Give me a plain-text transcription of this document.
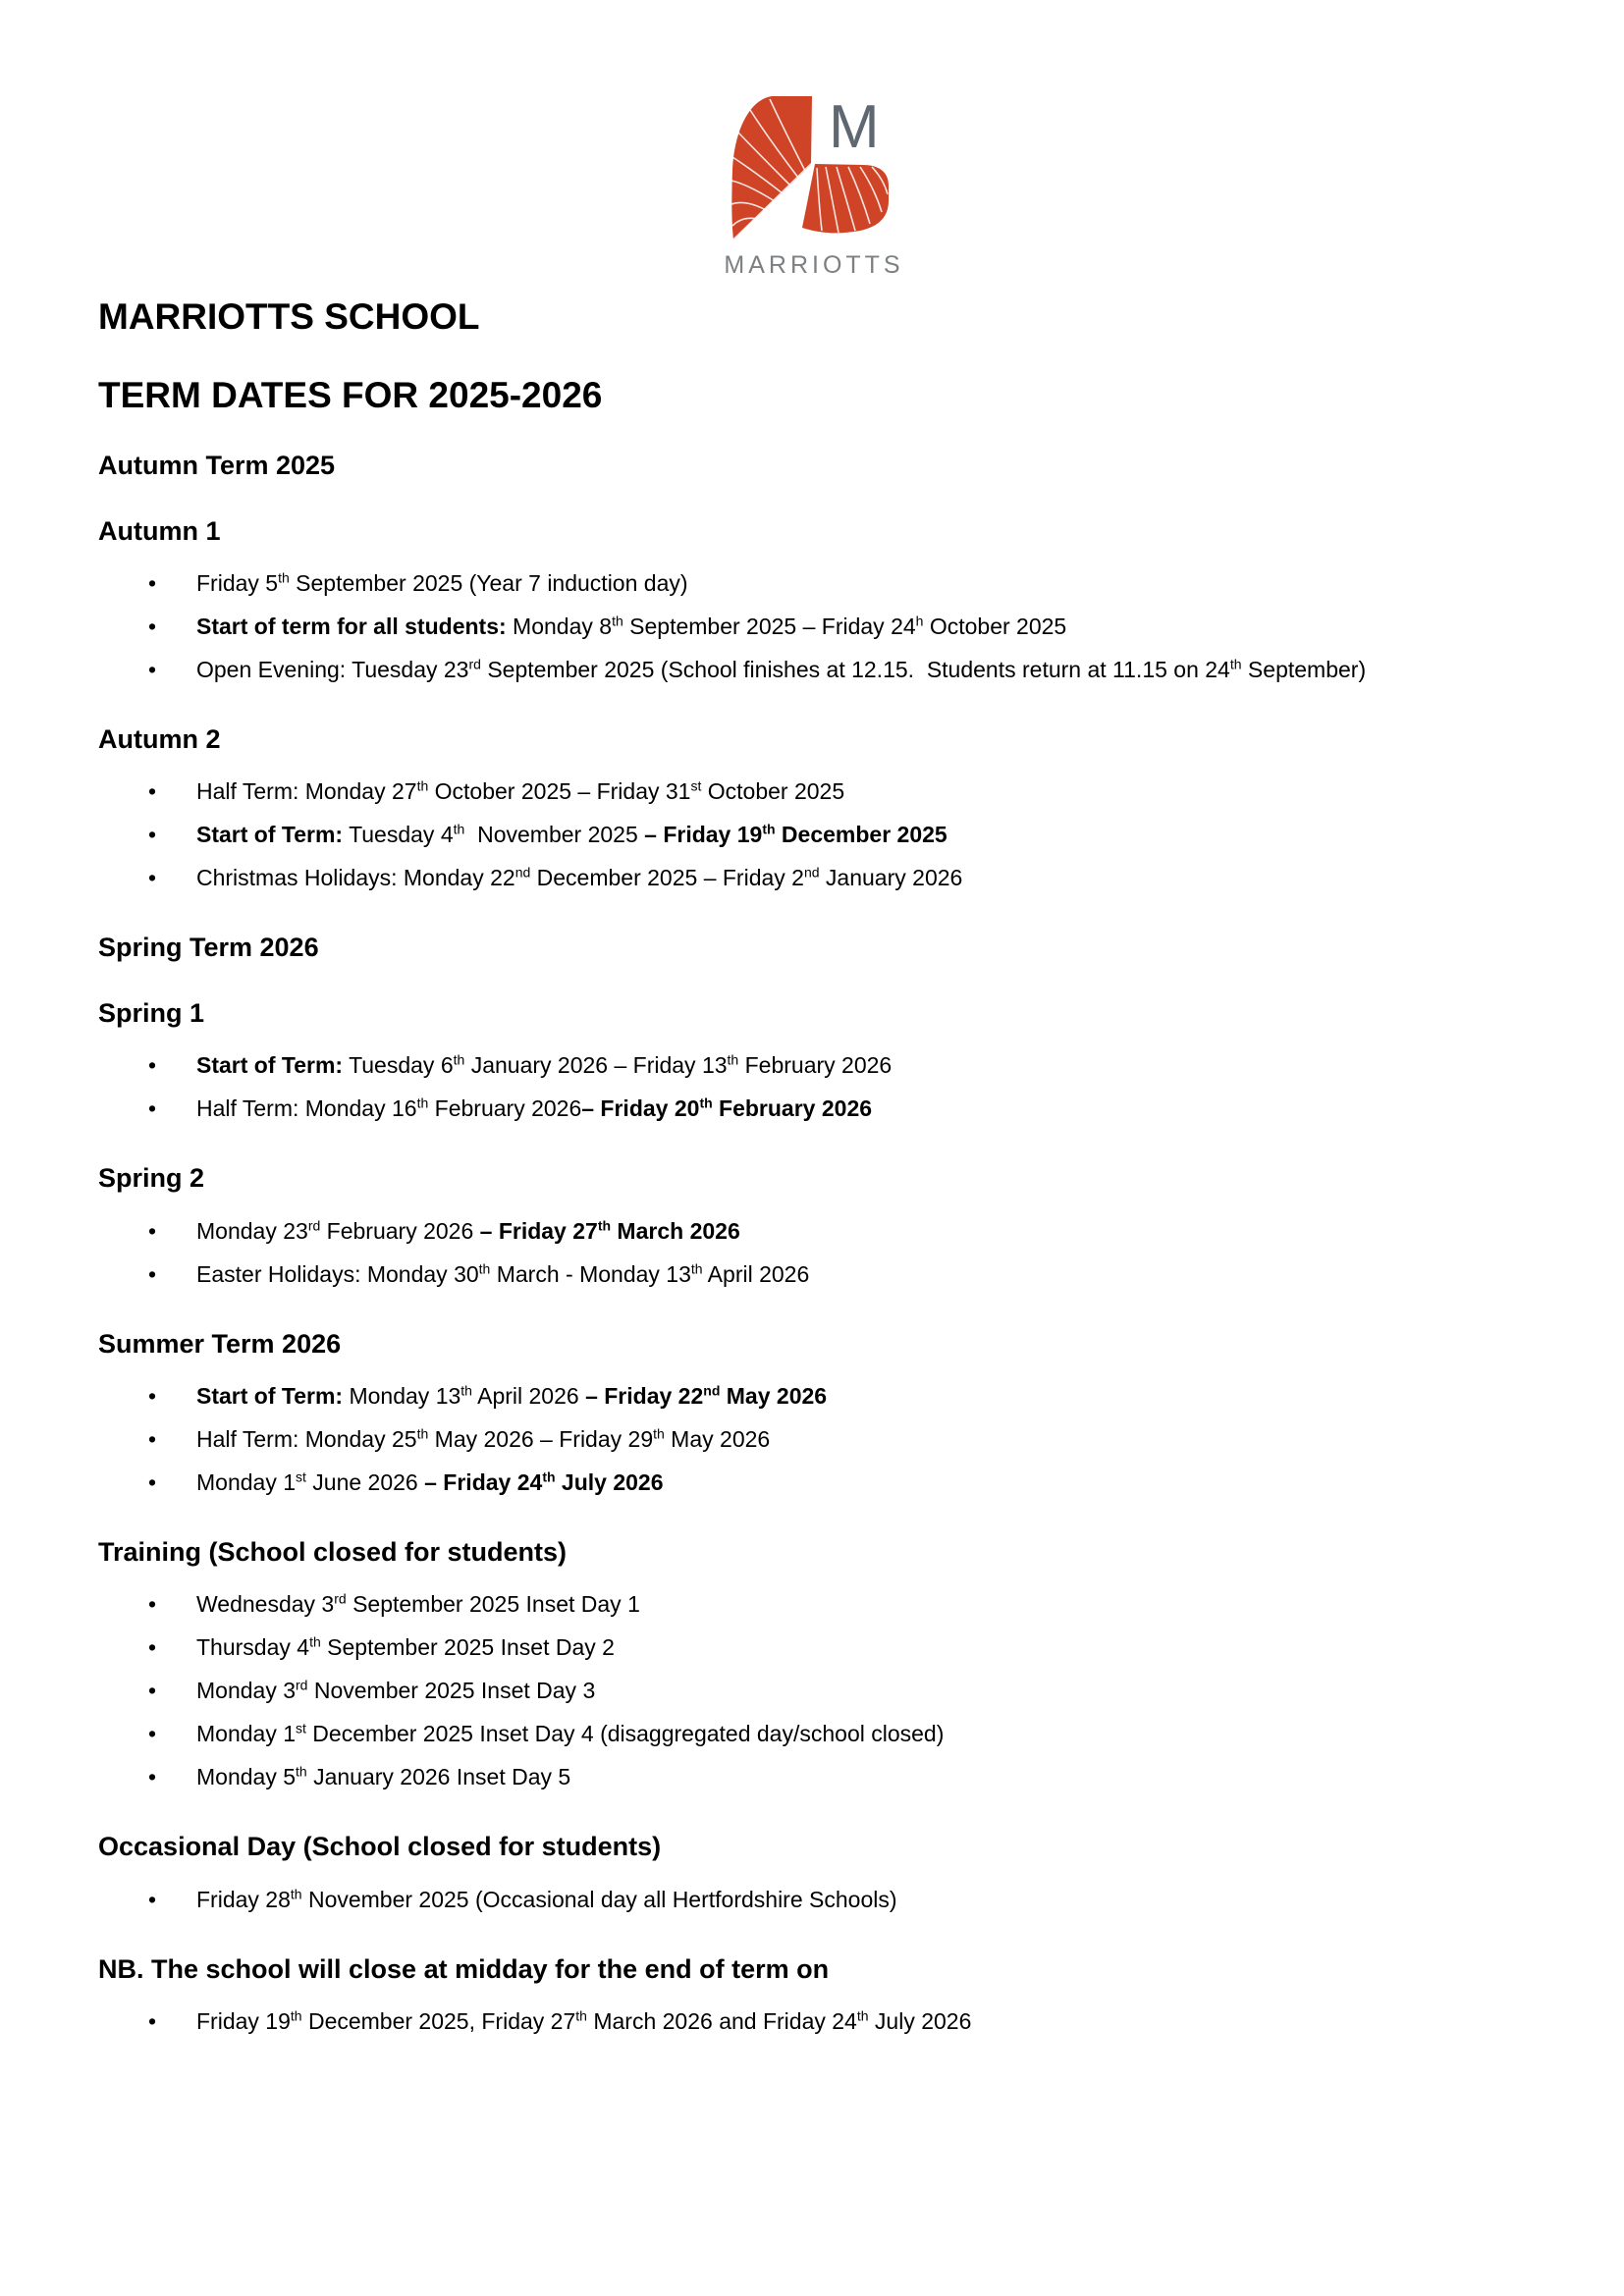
M
MARRIOTTS
MARRIOTTS SCHOOL
TERM DATES FOR 2025-2026
Autumn Term 2025
Autumn 1
• Friday 5th September 2025 (Year 7 induction day)
• Start of term for all students: Monday 8th September 2025 – Friday 24$^h$ October 2025
• Open Evening: Tuesday 23rd September 2025 (School finishes at 12.15.  Students return at 11.15 on 24th September)
Autumn 2
• Half Term: Monday 27th October 2025 – Friday 31st October 2025
• Start of Term: Tuesday 4th  November 2025 – Friday 19th December 2025
• Christmas Holidays: Monday 22nd December 2025 – Friday 2nd January 2026
Spring Term 2026
Spring 1
• Start of Term: Tuesday 6th January 2026 – Friday 13th February 2026
• Half Term: Monday 16th February 2026– Friday 20th February 2026
Spring 2
• Monday 23rd February 2026 – Friday 27th March 2026
• Easter Holidays: Monday 30th March - Monday 13th April 2026
Summer Term 2026
• Start of Term: Monday 13th April 2026 – Friday 22nd May 2026
• Half Term: Monday 25th May 2026 – Friday 29th May 2026
• Monday 1st June 2026 – Friday 24th July 2026
Training (School closed for students)
• Wednesday 3rd September 2025 Inset Day 1
• Thursday 4th September 2025 Inset Day 2
• Monday 3rd November 2025 Inset Day 3
• Monday 1st December 2025 Inset Day 4 (disaggregated day/school closed)
• Monday 5th January 2026 Inset Day 5
Occasional Day (School closed for students)
• Friday 28th November 2025 (Occasional day all Hertfordshire Schools)
NB. The school will close at midday for the end of term on
• Friday 19th December 2025, Friday 27th March 2026 and Friday 24th July 2026
